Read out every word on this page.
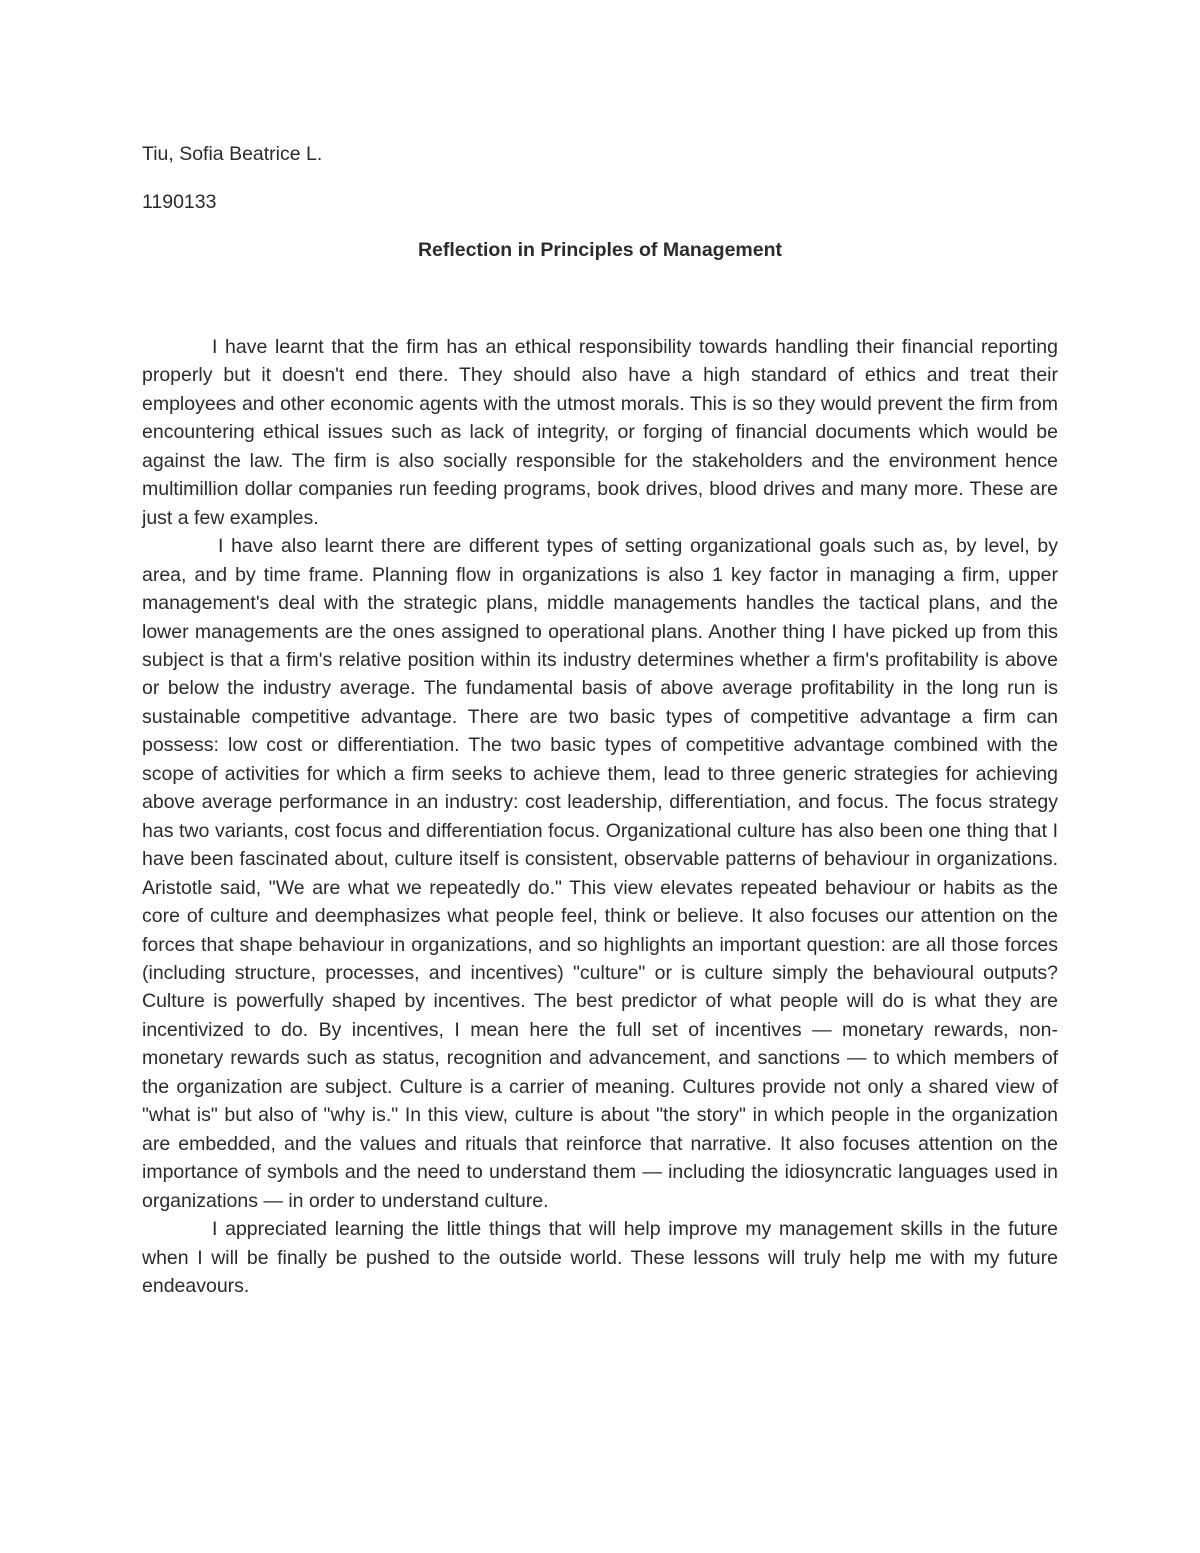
Tiu, Sofia Beatrice L.

1190133

Reflection in Principles of Management

I have learnt that the firm has an ethical responsibility towards handling their financial reporting properly but it doesn't end there. They should also have a high standard of ethics and treat their employees and other economic agents with the utmost morals. This is so they would prevent the firm from encountering ethical issues such as lack of integrity, or forging of financial documents which would be against the law. The firm is also socially responsible for the stakeholders and the environment hence multimillion dollar companies run feeding programs, book drives, blood drives and many more. These are just a few examples.

I have also learnt there are different types of setting organizational goals such as, by level, by area, and by time frame. Planning flow in organizations is also 1 key factor in managing a firm, upper management's deal with the strategic plans, middle managements handles the tactical plans, and the lower managements are the ones assigned to operational plans. Another thing I have picked up from this subject is that a firm's relative position within its industry determines whether a firm's profitability is above or below the industry average. The fundamental basis of above average profitability in the long run is sustainable competitive advantage. There are two basic types of competitive advantage a firm can possess: low cost or differentiation. The two basic types of competitive advantage combined with the scope of activities for which a firm seeks to achieve them, lead to three generic strategies for achieving above average performance in an industry: cost leadership, differentiation, and focus. The focus strategy has two variants, cost focus and differentiation focus. Organizational culture has also been one thing that I have been fascinated about, culture itself is consistent, observable patterns of behaviour in organizations. Aristotle said, "We are what we repeatedly do." This view elevates repeated behaviour or habits as the core of culture and deemphasizes what people feel, think or believe. It also focuses our attention on the forces that shape behaviour in organizations, and so highlights an important question: are all those forces (including structure, processes, and incentives) "culture" or is culture simply the behavioural outputs? Culture is powerfully shaped by incentives. The best predictor of what people will do is what they are incentivized to do. By incentives, I mean here the full set of incentives — monetary rewards, non-monetary rewards such as status, recognition and advancement, and sanctions — to which members of the organization are subject. Culture is a carrier of meaning. Cultures provide not only a shared view of "what is" but also of "why is." In this view, culture is about "the story" in which people in the organization are embedded, and the values and rituals that reinforce that narrative. It also focuses attention on the importance of symbols and the need to understand them — including the idiosyncratic languages used in organizations — in order to understand culture.

I appreciated learning the little things that will help improve my management skills in the future when I will be finally be pushed to the outside world. These lessons will truly help me with my future endeavours.
